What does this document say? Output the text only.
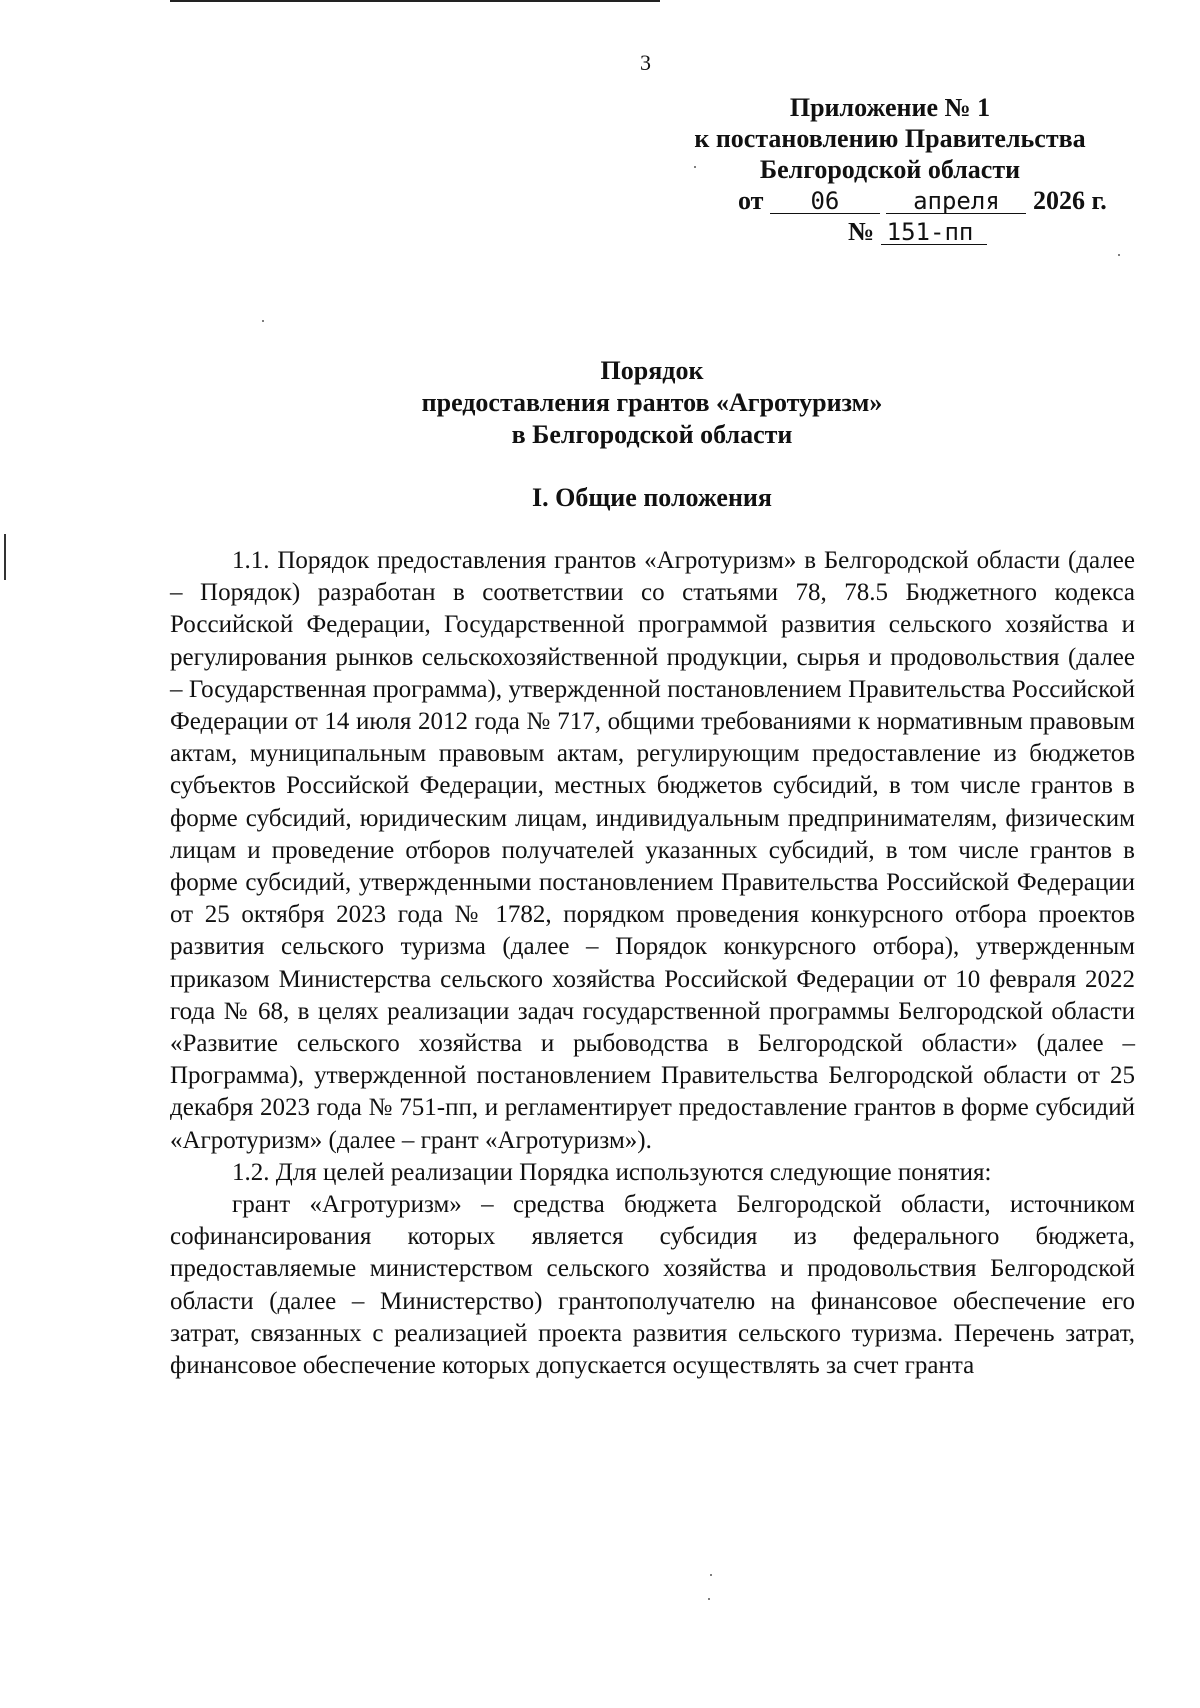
3
Приложение № 1
к постановлению Правительства
Белгородской области
от 06	апреля 2026 г.
№ 151-пп
Порядок
предоставления грантов «Агротуризм»
в Белгородской области
I. Общие положения

1.1. Порядок предоставления грантов «Агротуризм» в Белгородской области (далее – Порядок) разработан в соответствии со статьями 78, 78.5 Бюджетного кодекса Российской Федерации, Государственной программой развития сельского хозяйства и регулирования рынков сельскохозяйственной продукции, сырья и продовольствия (далее – Государственная программа), утвержденной постановлением Правительства Российской Федерации от 14 июля 2012 года № 717, общими требованиями к нормативным правовым актам, муниципальным правовым актам, регулирующим предоставление из бюджетов субъектов Российской Федерации, местных бюджетов субсидий, в том числе грантов в форме субсидий, юридическим лицам, индивидуальным предпринимателям, физическим лицам и проведение отборов получателей указанных субсидий, в том числе грантов в форме субсидий, утвержденными постановлением Правительства Российской Федерации от 25 октября 2023 года № 1782, порядком проведения конкурсного отбора проектов развития сельского туризма (далее – Порядок конкурсного отбора), утвержденным приказом Министерства сельского хозяйства Российской Федерации от 10 февраля 2022 года № 68, в целях реализации задач государственной программы Белгородской области «Развитие сельского хозяйства и рыбоводства в Белгородской области» (далее – Программа), утвержденной постановлением Правительства Белгородской области от 25 декабря 2023 года № 751-пп, и регламентирует предоставление грантов в форме субсидий «Агротуризм» (далее – грант «Агротуризм»).

1.2. Для целей реализации Порядка используются следующие понятия:

грант «Агротуризм» – средства бюджета Белгородской области, источником софинансирования которых является субсидия из федерального бюджета, предоставляемые министерством сельского хозяйства и продовольствия Белгородской области (далее – Министерство) грантополучателю на финансовое обеспечение его затрат, связанных с реализацией проекта развития сельского туризма. Перечень затрат, финансовое обеспечение которых допускается осуществлять за счет гранта
